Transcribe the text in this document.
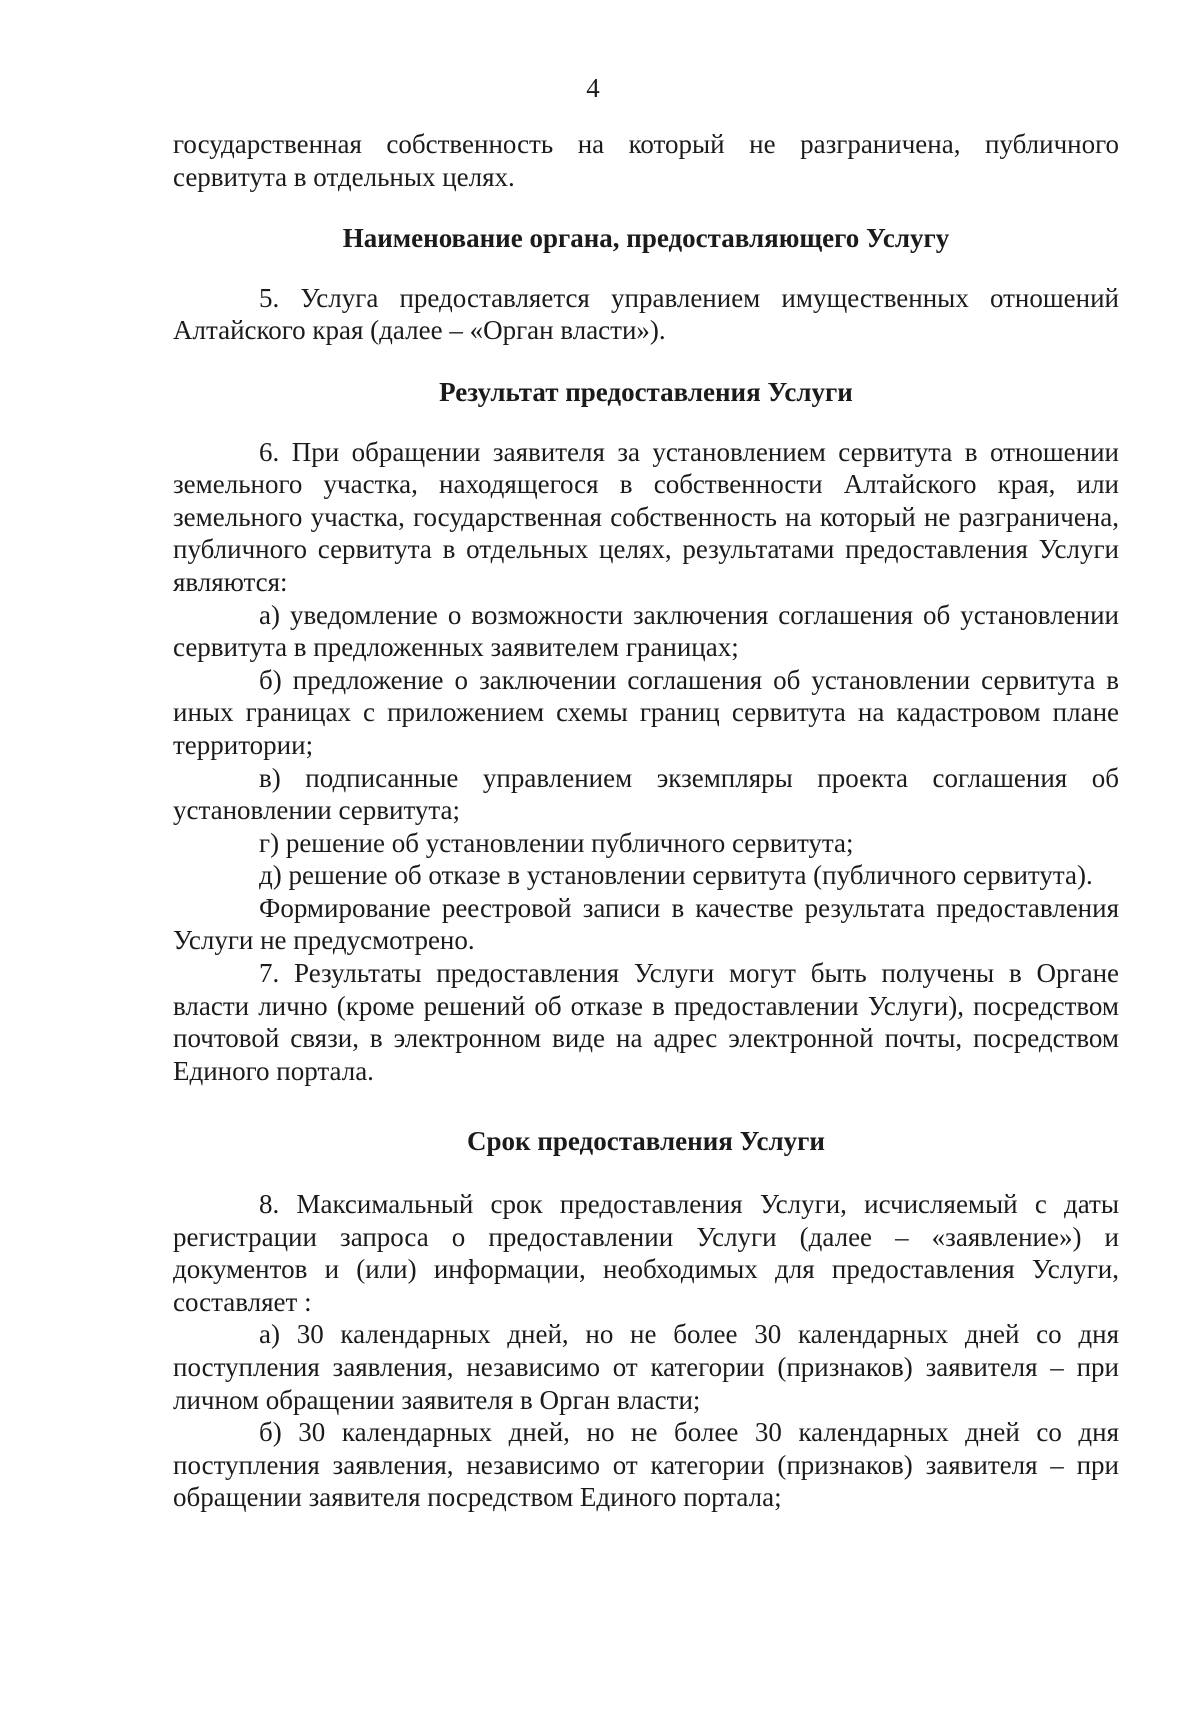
4

государственная собственность на который не разграничена, публичного сервитута в отдельных целях.

Наименование органа, предоставляющего Услугу

5. Услуга предоставляется управлением имущественных отношений Алтайского края (далее – «Орган власти»).

Результат предоставления Услуги

6. При обращении заявителя за установлением сервитута в отношении земельного участка, находящегося в собственности Алтайского края, или земельного участка, государственная собственность на который не разграничена, публичного сервитута в отдельных целях, результатами предоставления Услуги являются:

а) уведомление о возможности заключения соглашения об установлении сервитута в предложенных заявителем границах;

б) предложение о заключении соглашения об установлении сервитута в иных границах с приложением схемы границ сервитута на кадастровом плане территории;

в) подписанные управлением экземпляры проекта соглашения об установлении сервитута;

г) решение об установлении публичного сервитута;

д) решение об отказе в установлении сервитута (публичного сервитута).

Формирование реестровой записи в качестве результата предоставления Услуги не предусмотрено.

7. Результаты предоставления Услуги могут быть получены в Органе власти лично (кроме решений об отказе в предоставлении Услуги), посредством почтовой связи, в электронном виде на адрес электронной почты, посредством Единого портала.

Срок предоставления Услуги

8. Максимальный срок предоставления Услуги, исчисляемый с даты регистрации запроса о предоставлении Услуги (далее – «заявление») и документов и (или) информации, необходимых для предоставления Услуги, составляет :

а) 30 календарных дней, но не более 30 календарных дней со дня поступления заявления, независимо от категории (признаков) заявителя – при личном обращении заявителя в Орган власти;

б) 30 календарных дней, но не более 30 календарных дней со дня поступления заявления, независимо от категории (признаков) заявителя – при обращении заявителя посредством Единого портала;
